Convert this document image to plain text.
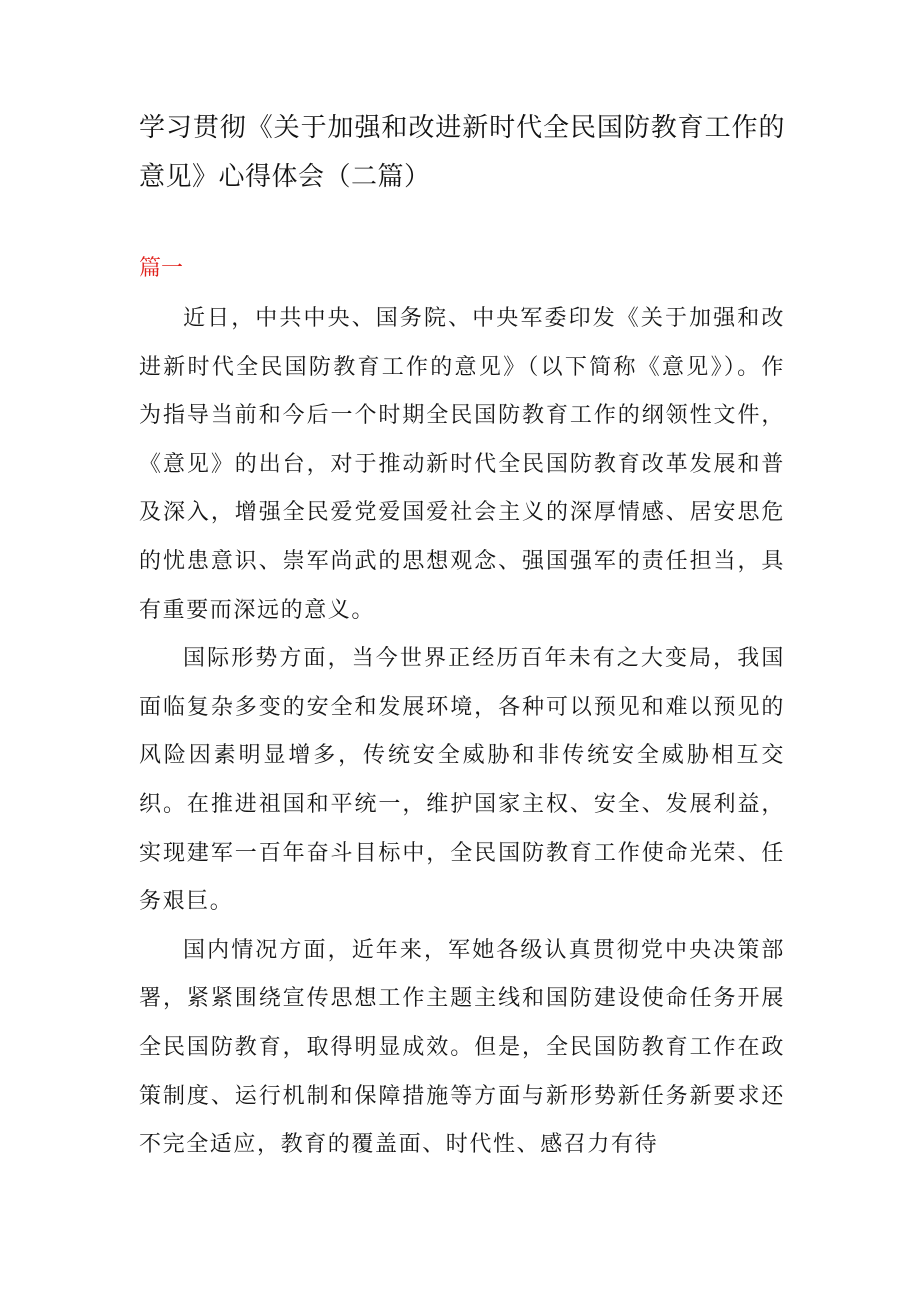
学习贯彻《关于加强和改进新时代全民国防教育工作的意见》心得体会（二篇）
篇一

近日，中共中央、国务院、中央军委印发《关于加强和改进新时代全民国防教育工作的意见》（以下简称《意见》）。作为指导当前和今后一个时期全民国防教育工作的纲领性文件，《意见》的出台，对于推动新时代全民国防教育改革发展和普及深入，增强全民爱党爱国爱社会主义的深厚情感、居安思危的忧患意识、崇军尚武的思想观念、强国强军的责任担当，具有重要而深远的意义。

国际形势方面，当今世界正经历百年未有之大变局，我国面临复杂多变的安全和发展环境，各种可以预见和难以预见的风险因素明显增多，传统安全威胁和非传统安全威胁相互交织。在推进祖国和平统一，维护国家主权、安全、发展利益，实现建军一百年奋斗目标中，全民国防教育工作使命光荣、任务艰巨。

国内情况方面，近年来，军她各级认真贯彻党中央决策部署，紧紧围绕宣传思想工作主题主线和国防建设使命任务开展全民国防教育，取得明显成效。但是，全民国防教育工作在政策制度、运行机制和保障措施等方面与新形势新任务新要求还不完全适应，教育的覆盖面、时代性、感召力有待
